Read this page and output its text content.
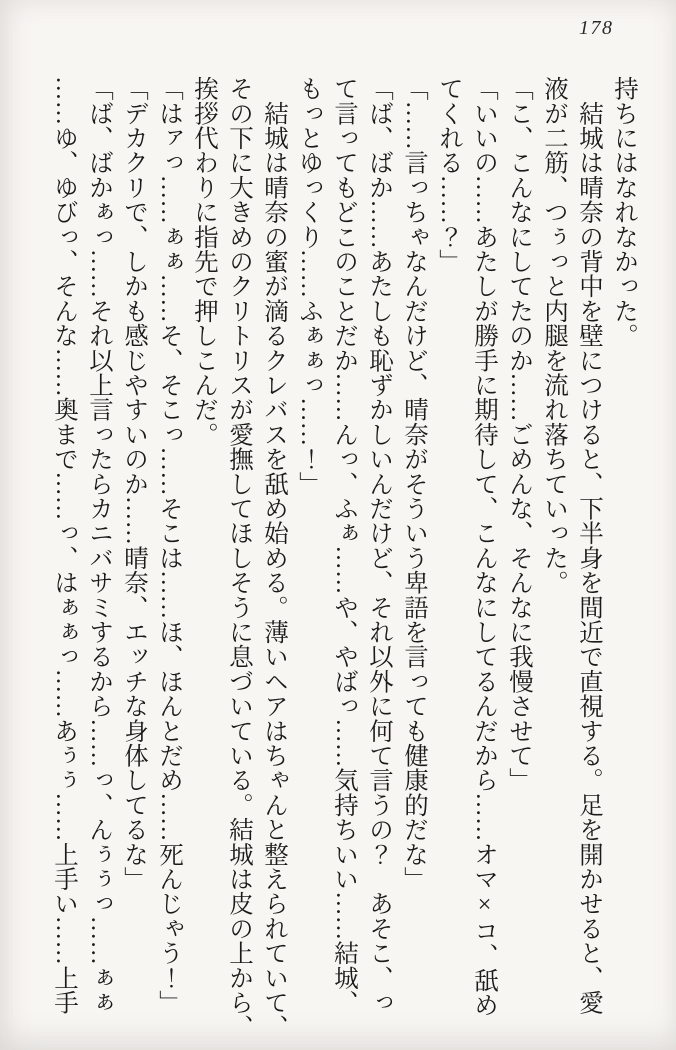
178
持ちにはなれなかった。
　結城は晴奈の背中を壁につけると、下半身を間近で直視する。足を開かせると、愛
液が二筋、つぅっと内腿を流れ落ちていった。
「こ、こんなにしてたのか……ごめんな、そんなに我慢させて」
「いいの……あたしが勝手に期待して、こんなにしてるんだから……オマ×コ、舐め
てくれる……？」
「……言っちゃなんだけど、晴奈がそういう卑語を言っても健康的だな」
「ば、ばか……あたしも恥ずかしいんだけど、それ以外に何て言うの？　あそこ、っ
て言ってもどこのことだか……んっ、ふぁ……や、やばっ……気持ちいい……結城、
もっとゆっくり……ふぁぁっ……！」
　結城は晴奈の蜜が滴るクレバスを舐め始める。薄いヘアはちゃんと整えられていて、
その下に大きめのクリトリスが愛撫してほしそうに息づいている。結城は皮の上から、
挨拶代わりに指先で押しこんだ。
「はァっ……ぁぁ……そ、そこっ……そこは……ほ、ほんとだめ……死んじゃう！」
「デカクリで、しかも感じやすいのか……晴奈、エッチな身体してるな」
「ば、ばかぁっ……それ以上言ったらカニバサミするから……っ、んぅぅっ……ぁぁ
……ゆ、ゆびっ、そんな……奥まで……っ、はぁぁっ……あぅぅ……上手い……上手
